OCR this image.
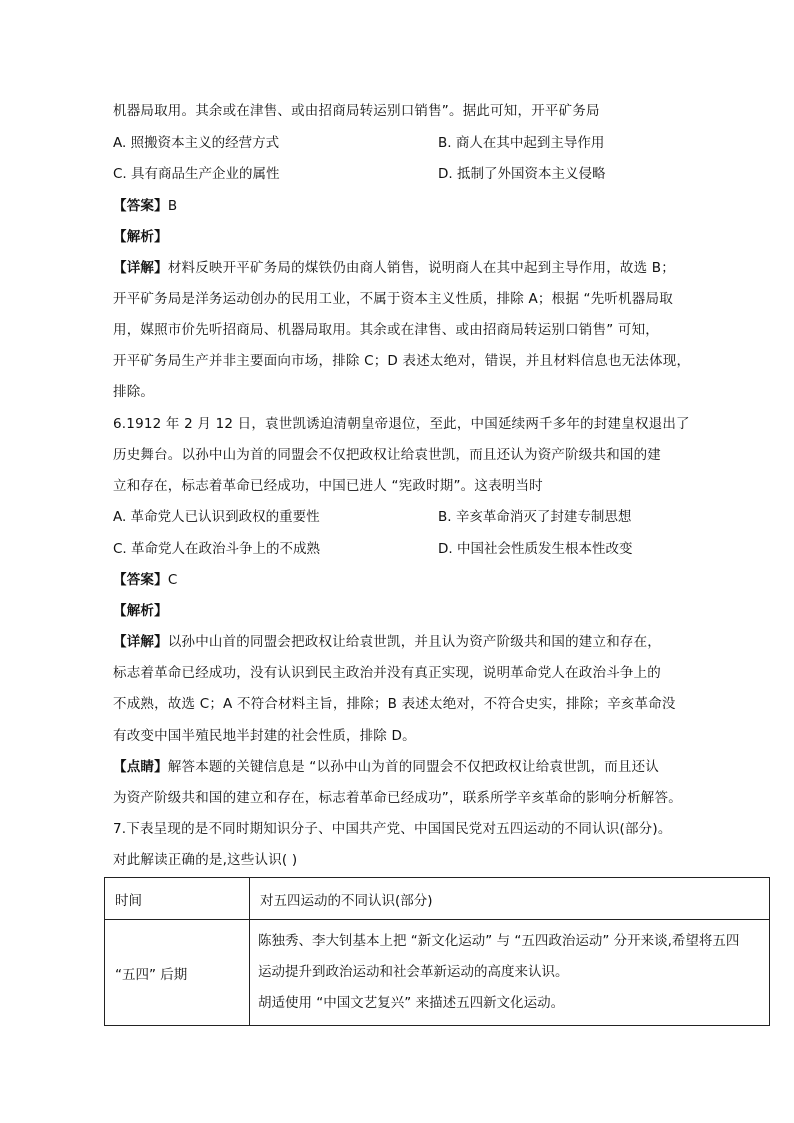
机器局取用。其余或在津售、或由招商局转运别口销售”。据此可知，开平矿务局
A. 照搬资本主义的经营方式	B. 商人在其中起到主导作用
C. 具有商品生产企业的属性	D. 抵制了外国资本主义侵略
【答案】B
【解析】
【详解】材料反映开平矿务局的煤铁仍由商人销售，说明商人在其中起到主导作用，故选 B；
开平矿务局是洋务运动创办的民用工业，不属于资本主义性质，排除 A；根据 “先听机器局取
用，媒照市价先听招商局、机器局取用。其余或在津售、或由招商局转运别口销售” 可知，
开平矿务局生产并非主要面向市场，排除 C；D 表述太绝对，错误，并且材料信息也无法体现，
排除。
6.1912 年 2 月 12 日，袁世凯诱迫清朝皇帝退位，至此，中国延续两千多年的封建皇权退出了
历史舞台。以孙中山为首的同盟会不仅把政权让给袁世凯，而且还认为资产阶级共和国的建
立和存在，标志着革命已经成功，中国已进人 “宪政时期”。这表明当时
A. 革命党人已认识到政权的重要性	B. 辛亥革命消灭了封建专制思想
C. 革命党人在政治斗争上的不成熟	D. 中国社会性质发生根本性改变
【答案】C
【解析】
【详解】以孙中山首的同盟会把政权让给袁世凯，并且认为资产阶级共和国的建立和存在，
标志着革命已经成功，没有认识到民主政治并没有真正实现，说明革命党人在政治斗争上的
不成熟，故选 C；A 不符合材料主旨，排除；B 表述太绝对，不符合史实，排除；辛亥革命没
有改变中国半殖民地半封建的社会性质，排除 D。
【点睛】解答本题的关键信息是 “以孙中山为首的同盟会不仅把政权让给袁世凯，而且还认
为资产阶级共和国的建立和存在，标志着革命已经成功”，联系所学辛亥革命的影响分析解答。
7.下表呈现的是不同时期知识分子、中国共产党、中国国民党对五四运动的不同认识(部分)。
对此解读正确的是,这些认识( )
时间	对五四运动的不同认识(部分)

“五四” 后期	陈独秀、李大钊基本上把 “新文化运动” 与 “五四政治运动” 分开来谈,希望将五四
运动提升到政治运动和社会革新运动的高度来认识。
胡适使用 “中国文艺复兴” 来描述五四新文化运动。
